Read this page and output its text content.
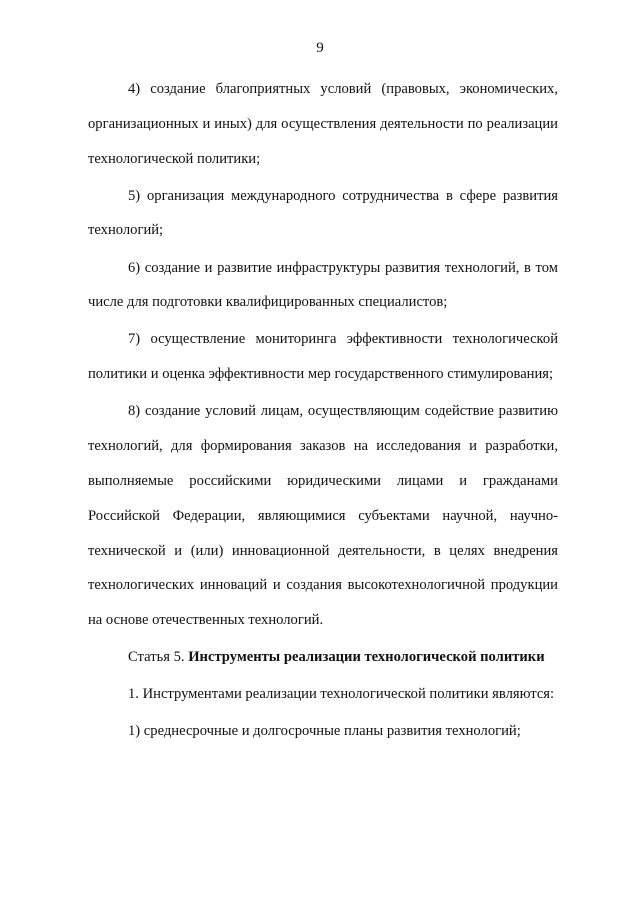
9

4) создание благоприятных условий (правовых, экономических, организационных и иных) для осуществления деятельности по реализации технологической политики;

5) организация международного сотрудничества в сфере развития технологий;

6) создание и развитие инфраструктуры развития технологий, в том числе для подготовки квалифицированных специалистов;

7) осуществление мониторинга эффективности технологической политики и оценка эффективности мер государственного стимулирования;

8) создание условий лицам, осуществляющим содействие развитию технологий, для формирования заказов на исследования и разработки, выполняемые российскими юридическими лицами и гражданами Российской Федерации, являющимися субъектами научной, научно-технической и (или) инновационной деятельности, в целях внедрения технологических инноваций и создания высокотехнологичной продукции на основе отечественных технологий.

Статья 5. Инструменты реализации технологической политики

1. Инструментами реализации технологической политики являются:

1) среднесрочные и долгосрочные планы развития технологий;
